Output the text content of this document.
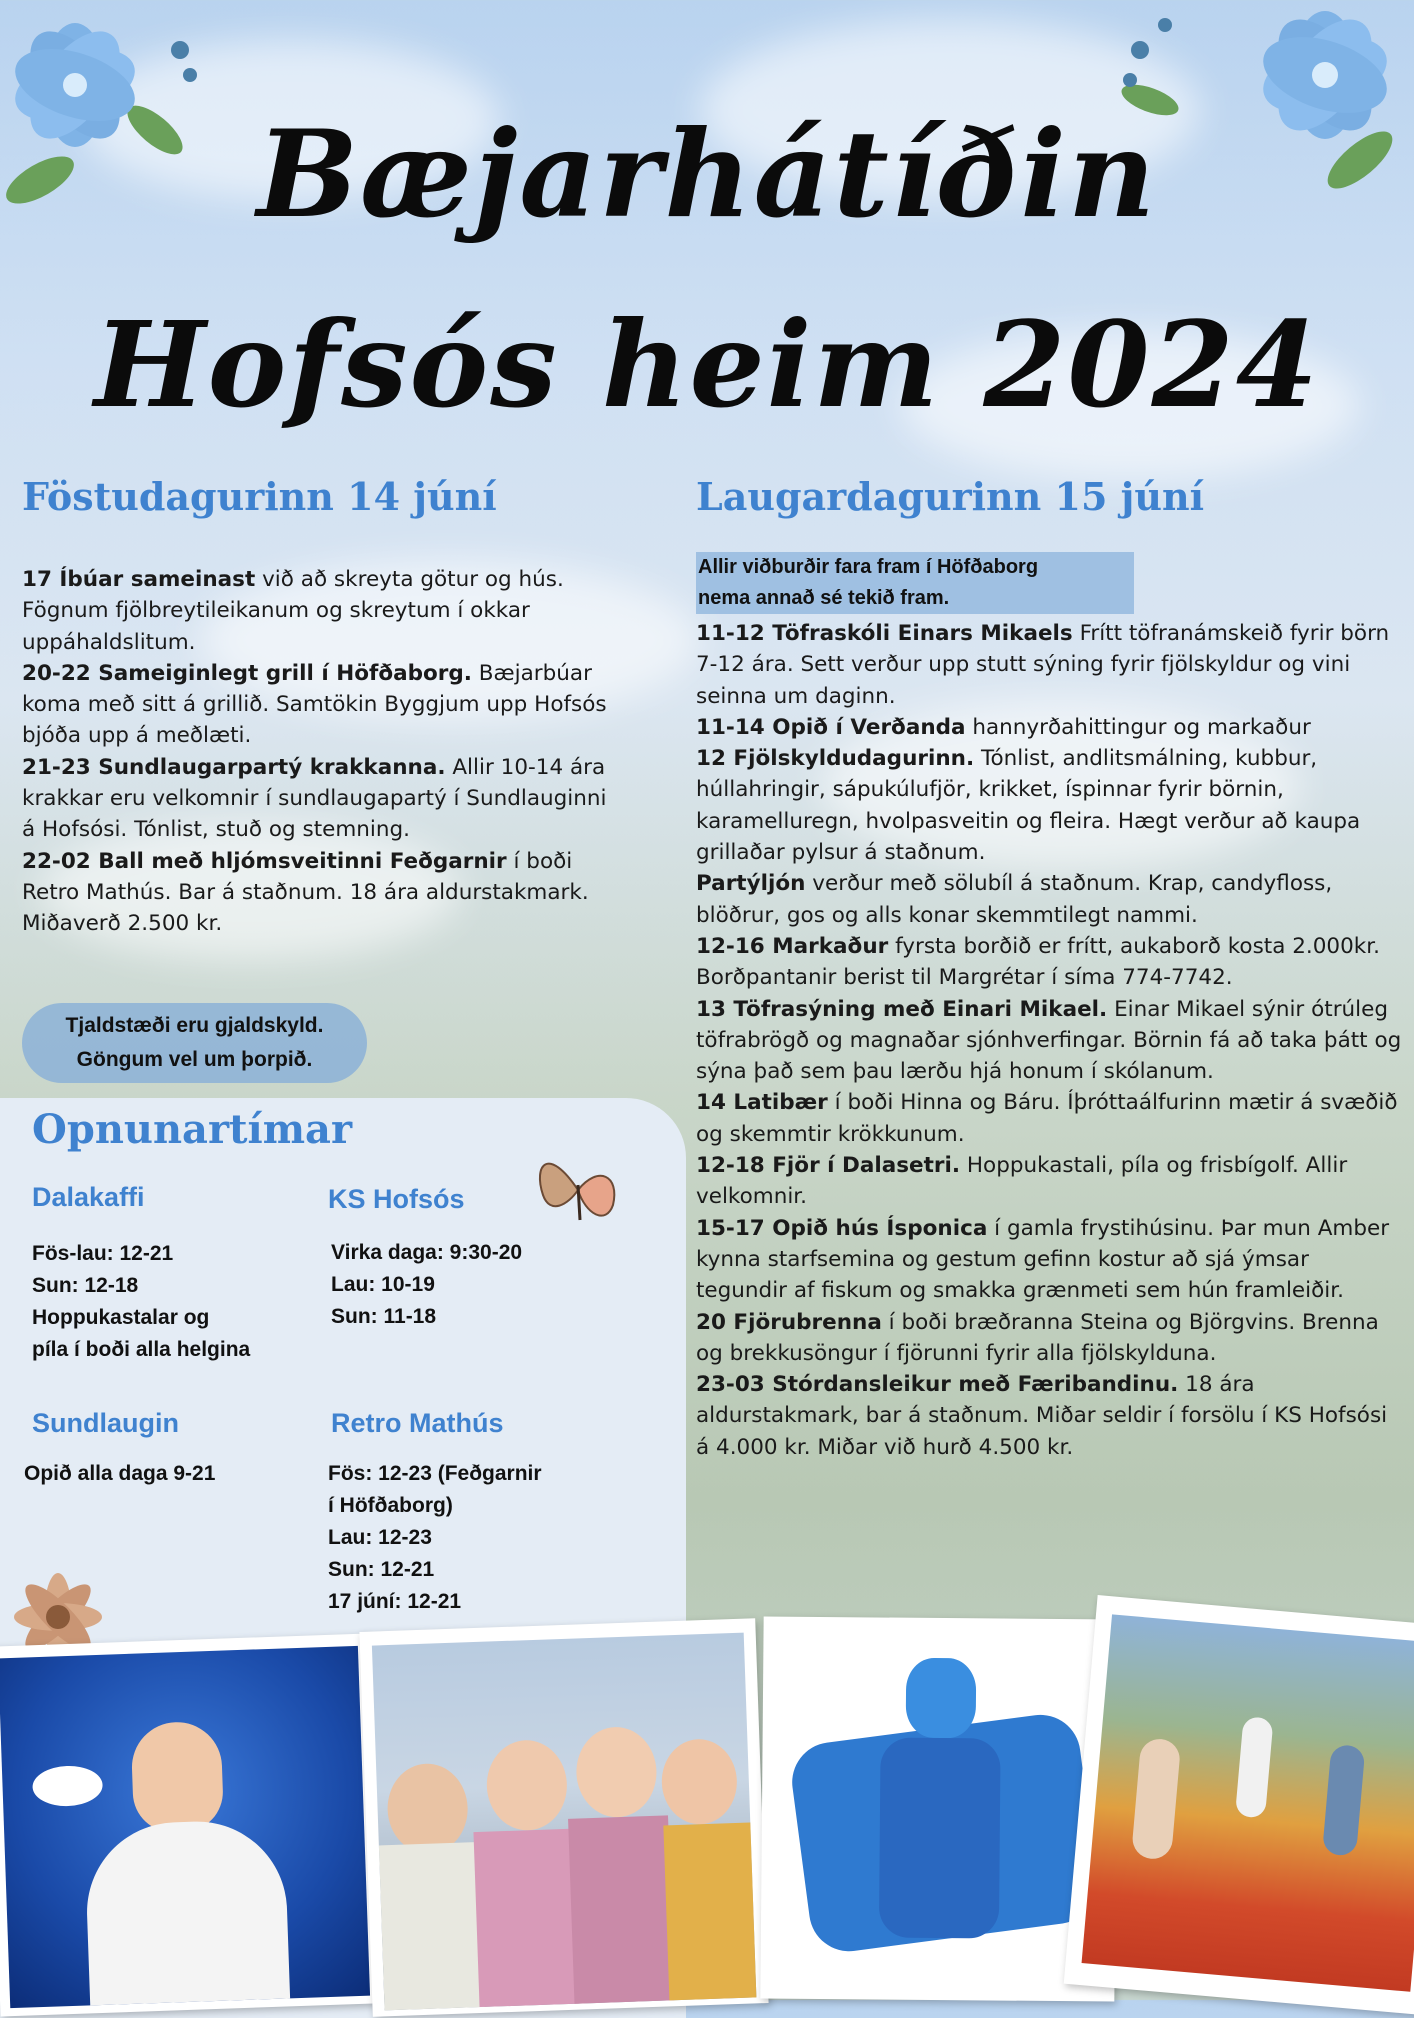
Bæjarhátíðin
Hofsós heim 2024
Föstudagurinn 14 júní

17 Íbúar sameinast við að skreyta götur og hús. Fögnum fjölbreytileikanum og skreytum í okkar uppáhaldslitum.

20-22 Sameiginlegt grill í Höfðaborg. Bæjarbúar koma með sitt á grillið. Samtökin Byggjum upp Hofsós bjóða upp á meðlæti.

21-23 Sundlaugarpartý krakkanna. Allir 10-14 ára krakkar eru velkomnir í sundlaugapartý í Sundlauginni á Hofsósi. Tónlist, stuð og stemning.

22-02 Ball með hljómsveitinni Feðgarnir í boði Retro Mathús. Bar á staðnum. 18 ára aldurstakmark. Miðaverð 2.500 kr.

Tjaldstæði eru gjaldskyld.
Göngum vel um þorpið.
Laugardagurinn 15 júní
Allir viðburðir fara fram í Höfðaborg
nema annað sé tekið fram.

11-12 Töfraskóli Einars Mikaels Frítt töfranámskeið fyrir börn 7-12 ára. Sett verður upp stutt sýning fyrir fjölskyldur og vini seinna um daginn.

11-14 Opið í Verðanda hannyrðahittingur og markaður

12 Fjölskyldudagurinn. Tónlist, andlitsmálning, kubbur, húllahringir, sápukúlufjör, krikket, íspinnar fyrir börnin, karamelluregn, hvolpasveitin og fleira. Hægt verður að kaupa grillaðar pylsur á staðnum.

Partýljón verður með sölubíl á staðnum. Krap, candyfloss, blöðrur, gos og alls konar skemmtilegt nammi.

12-16 Markaður fyrsta borðið er frítt, aukaborð kosta 2.000kr. Borðpantanir berist til Margrétar í síma 774-7742.

13 Töfrasýning með Einari Mikael. Einar Mikael sýnir ótrúleg töfrabrögð og magnaðar sjónhverfingar. Börnin fá að taka þátt og sýna það sem þau lærðu hjá honum í skólanum.

14 Latibær í boði Hinna og Báru. Íþróttaálfurinn mætir á svæðið og skemmtir krökkunum.

12-18 Fjör í Dalasetri. Hoppukastali, píla og frisbígolf. Allir velkomnir.

15-17 Opið hús Ísponica í gamla frystihúsinu. Þar mun Amber kynna starfsemina og gestum gefinn kostur að sjá ýmsar tegundir af fiskum og smakka grænmeti sem hún framleiðir.

20 Fjörubrenna í boði bræðranna Steina og Björgvins. Brenna og brekkusöngur í fjörunni fyrir alla fjölskylduna.

23-03 Stórdansleikur með Færibandinu. 18 ára aldurstakmark, bar á staðnum. Miðar seldir í forsölu í KS Hofsósi á 4.000 kr. Miðar við hurð 4.500 kr.

Opnunartímar
Dalakaffi
Fös-lau: 12-21
Sun: 12-18
Hoppukastalar og
píla í boði alla helgina
KS Hofsós
Virka daga: 9:30-20
Lau: 10-19
Sun: 11-18
Sundlaugin
Opið alla daga 9-21
Retro Mathús
Fös: 12-23 (Feðgarnir
í Höfðaborg)
Lau: 12-23
Sun: 12-21
17 júní: 12-21
